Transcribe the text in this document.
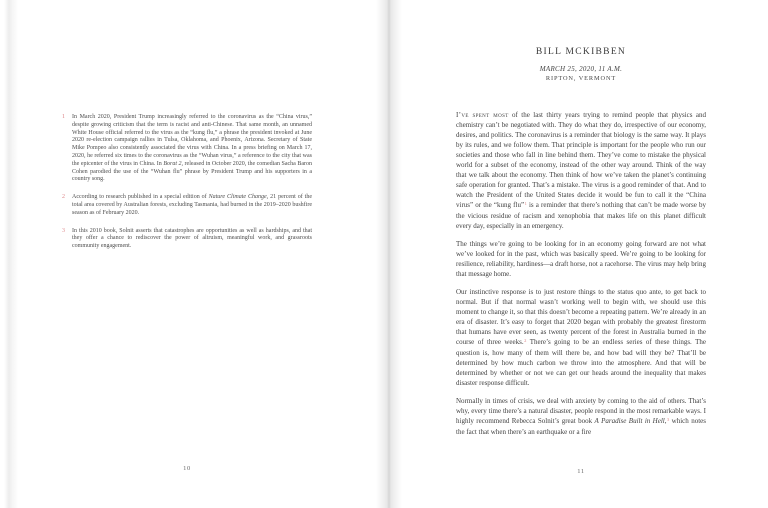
1	In March 2020, President Trump increasingly referred to the coronavirus as the “China virus,” despite growing criticism that the term is racist and anti-Chinese. That same month, an unnamed White House official referred to the virus as the “kung flu,” a phrase the president invoked at June 2020 re-election campaign rallies in Tulsa, Oklahoma, and Phoenix, Arizona. Secretary of State Mike Pompeo also consistently associated the virus with China. In a press briefing on March 17, 2020, he referred six times to the coronavirus as the “Wuhan virus,” a reference to the city that was the epicenter of the virus in China. In Borat 2, released in October 2020, the comedian Sacha Baron Cohen parodied the use of the “Wuhan flu” phrase by President Trump and his supporters in a country song.
2	According to research published in a special edition of Nature Climate Change, 21 percent of the total area covered by Australian forests, excluding Tasmania, had burned in the 2019–2020 bushfire season as of February 2020.
3	In this 2010 book, Solnit asserts that catastrophes are opportunities as well as hardships, and that they offer a chance to rediscover the power of altruism, meaningful work, and grassroots community engagement.
10
BILL MCKIBBEN
MARCH 25, 2020, 11 A.M.
RIPTON, VERMONT

I’ve spent most of the last thirty years trying to remind people that physics and chemistry can’t be negotiated with. They do what they do, irrespective of our economy, desires, and politics. The coronavirus is a reminder that biology is the same way. It plays by its rules, and we follow them. That principle is important for the people who run our societies and those who fall in line behind them. They’ve come to mistake the physical world for a subset of the economy, instead of the other way around. Think of the way that we talk about the economy. Then think of how we’ve taken the planet’s continuing safe operation for granted. That’s a mistake. The virus is a good reminder of that. And to watch the President of the United States decide it would be fun to call it the “China virus” or the “kung flu”$^1$ is a reminder that there’s nothing that can’t be made worse by the vicious residue of racism and xenophobia that makes life on this planet difficult every day, especially in an emergency.

The things we’re going to be looking for in an economy going forward are not what we’ve looked for in the past, which was basically speed. We’re going to be looking for resilience, reliability, hardiness—a draft horse, not a racehorse. The virus may help bring that message home.

Our instinctive response is to just restore things to the status quo ante, to get back to normal. But if that normal wasn’t working well to begin with, we should use this moment to change it, so that this doesn’t become a repeating pattern. We’re already in an era of disaster. It’s easy to forget that 2020 began with probably the greatest firestorm that humans have ever seen, as twenty percent of the forest in Australia burned in the course of three weeks.$^2$ There’s going to be an endless series of these things. The question is, how many of them will there be, and how bad will they be? That’ll be determined by how much carbon we throw into the atmosphere. And that will be determined by whether or not we can get our heads around the inequality that makes disaster response difficult.

Normally in times of crisis, we deal with anxiety by coming to the aid of others. That’s why, every time there’s a natural disaster, people respond in the most remarkable ways. I highly recommend Rebecca Solnit’s great book A Paradise Built in Hell,$^3$ which notes the fact that when there’s an earthquake or a fire

11
